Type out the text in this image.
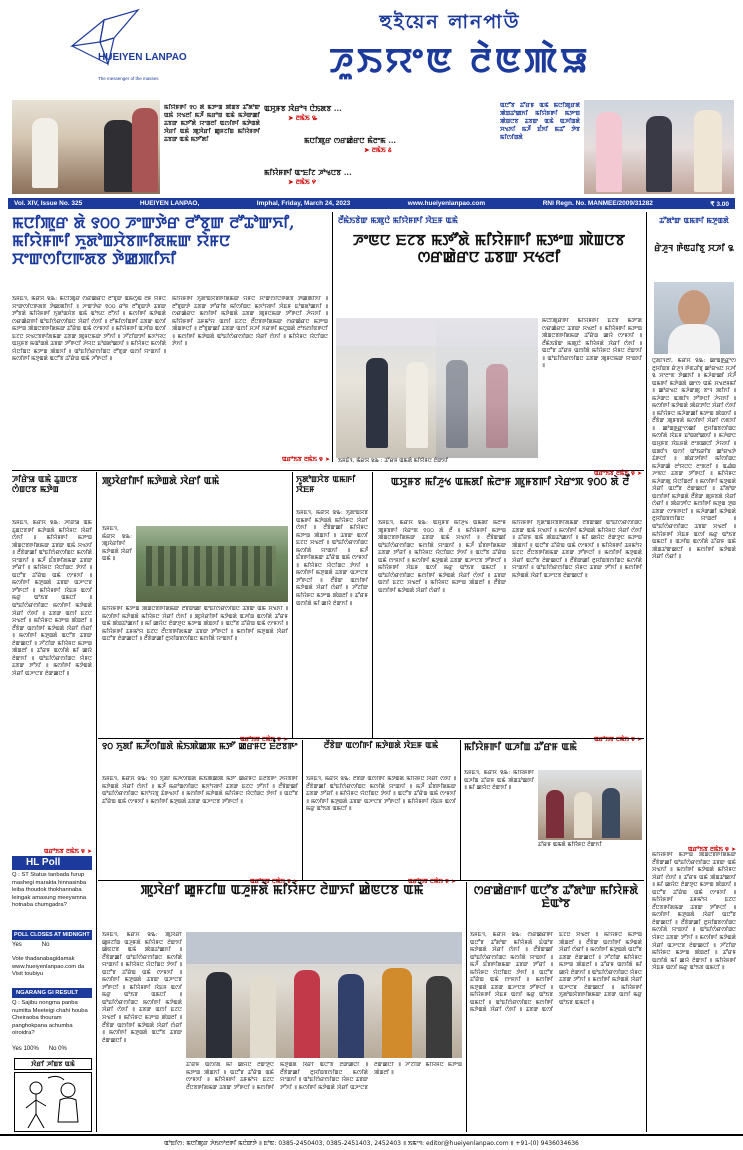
HUEIYEN LANPAO
The messenger of the masses
হুইয়েন লানপাউ
ꯍꯨꯏꯌꯦꯟ ꯂꯥꯟꯄꯥꯎ
ꯃꯤꯌꯥꯝꯒꯤ ꯱꯰ ꯗꯥ ꯃꯇꯦꯡ ꯄꯥꯡꯕ ꯊꯧꯗꯣꯛ ꯑꯃꯥ ꯆꯠꯂꯤ ꯃꯍꯩ ꯃꯔꯣꯡ ꯑꯃꯥ ꯃꯍꯥꯛꯀꯤ ꯊꯕꯛ ꯃꯇꯧꯗꯥ ꯌꯦꯡꯂꯤ ꯑꯁꯤꯒꯤ ꯃꯇꯥꯡꯗꯥ ꯋꯥꯔꯤ ꯑꯃꯥ ꯄꯨꯋꯥꯔꯤ ꯀꯨꯝꯖꯤꯡ ꯃꯤꯌꯥꯝꯒꯤ ꯊꯕꯛ ꯑꯃꯥ ꯃꯇꯧꯗꯤ
ꯑꯆꯨꯝꯕ ꯋꯥꯔꯣꯜ ꯅꯥꯏꯗꯕ ...
➤ ꯂꯃꯥꯏ ꯳
ꯃꯅꯤꯄꯨꯔ ꯁꯔꯀꯥꯔꯅ ꯃꯥꯂꯦꯃ ...
➤ ꯂꯃꯥꯏ ꯴
ꯃꯤꯌꯥꯝꯒꯤ ꯑꯦꯐꯤꯖ ꯍꯣꯠꯅꯕ ...
➤ ꯂꯃꯥꯏ ꯵
ꯑꯅꯧꯕ ꯊꯧꯔꯝ ꯑꯃꯥ ꯃꯅꯤꯄꯨꯔꯗꯥ ꯄꯥꯡꯊꯣꯀꯈꯤ ꯃꯤꯌꯥꯝꯒꯤ ꯃꯇꯦꯡ ꯄꯥꯡꯅꯕ ꯊꯕꯛ ꯑꯃꯥ ꯑꯍꯤꯡꯗꯥ ꯆꯠꯈꯤ ꯃꯍꯩ ꯐꯪꯈꯤ ꯃꯊꯧ ꯇꯥꯕ ꯃꯤꯁꯤꯡꯗꯥ
Vol. XIV, Issue No. 325	HUEIYEN LANPAO,	Imphal, Friday, March 24, 2023	www.hueiyenlanpao.com	RNI Regn. No. MANMEE/2009/31282	₹ 3.00
ꯃꯅꯤꯄꯨꯔ ꯗꯥ ꯱꯰꯰ ꯍꯦꯛꯇꯥꯔ ꯂꯧꯕꯨꯛ ꯂꯧꯊꯣꯛꯈꯤ, ꯃꯤꯌꯥꯝꯒꯤ ꯈꯨꯗꯣꯡꯆꯥꯕꯒꯤꯗꯃꯛ ꯌꯥꯝꯅ ꯆꯦꯛꯁꯤꯅꯒꯗꯕ ꯇꯥꯀꯄꯤꯈꯤ
ꯏꯝꯐꯥꯜ, ꯃꯥꯔꯆ ꯲꯳: ꯃꯅꯤꯄꯨꯔ ꯁꯔꯀꯥꯔꯅ ꯂꯧꯕꯨꯛ ꯑꯃꯁꯨꯡ ꯂꯝ ꯌꯥꯝꯅ ꯆꯦꯛꯁꯤꯅꯒꯗꯕ ꯇꯥꯀꯄꯤꯈꯤ ꯫ ꯍꯦꯛꯇꯥꯔ ꯱꯰꯰ ꯔꯣꯝ ꯂꯧꯕꯨꯛꯇꯥ ꯊꯕꯛ ꯇꯧꯕꯗꯥ ꯃꯤꯌꯥꯝꯒꯤ ꯈꯨꯗꯣꯡꯆꯥꯕ ꯑꯃꯥ ꯑꯣꯏꯅ ꯂꯧꯈꯤ ꯫ ꯃꯁꯤꯒꯤ ꯃꯇꯥꯡꯗꯥ ꯁꯔꯀꯥꯔꯒꯤ ꯑꯣꯐꯤꯁꯥꯔꯁꯤꯡꯅ ꯋꯥꯔꯤ ꯁꯥꯈꯤ ꯫ ꯂꯧꯃꯤꯁꯤꯡꯒꯤ ꯊꯕꯛ ꯑꯁꯤ ꯃꯇꯦꯡ ꯄꯥꯡꯅꯕꯒꯤꯗꯃꯛ ꯊꯧꯔꯥꯡ ꯑꯃꯥ ꯁꯦꯝꯈꯤ ꯫ ꯃꯤꯌꯥꯝꯒꯤ ꯑꯍꯤꯡ ꯑꯁꯤ ꯐꯖꯅ ꯆꯠꯅꯕꯒꯤꯗꯃꯛ ꯊꯕꯛ ꯄꯨꯝꯅꯃꯛ ꯇꯧꯈꯤ ꯫ ꯍꯧꯖꯤꯛꯇꯤ ꯃꯈꯣꯌꯅ ꯑꯆꯨꯝꯕ ꯃꯑꯣꯡꯗꯥ ꯊꯕꯛ ꯇꯧꯒꯅꯤ ꯍꯥꯌꯅ ꯐꯣꯡꯗꯣꯀꯈꯤ ꯫ ꯃꯤꯌꯥꯝꯅ ꯃꯁꯤꯗꯥ ꯌꯥꯅꯤꯡꯅ ꯃꯇꯦꯡ ꯄꯥꯡꯈꯤ ꯫ ꯑꯣꯐꯤꯁꯥꯔꯁꯤꯡꯅ ꯂꯧꯕꯨꯛ ꯑꯁꯤ ꯌꯦꯡꯈꯤ ꯫ ꯃꯁꯤꯒꯤ ꯃꯇꯨꯡꯗꯥ ꯑꯅꯧꯕ ꯊꯧꯔꯥꯡ ꯑꯃꯥ ꯍꯧꯒꯅꯤ ꯫
ꯃꯤꯌꯥꯝꯒꯤ ꯈꯨꯗꯣꯡꯆꯥꯕꯒꯤꯗꯃꯛ ꯌꯥꯝꯅ ꯆꯦꯛꯁꯤꯅꯒꯗꯕ ꯇꯥꯀꯄꯤꯈꯤ ꯫ ꯂꯧꯕꯨꯛꯇꯥ ꯊꯕꯛ ꯇꯧꯔꯤꯕ ꯃꯤꯁꯤꯡꯅ ꯃꯈꯣꯌꯒꯤ ꯋꯥꯐꯝ ꯐꯣꯡꯗꯣꯀꯈꯤ ꯫ ꯁꯔꯀꯥꯔꯅ ꯃꯁꯤꯒꯤ ꯃꯇꯥꯡꯗꯥ ꯊꯕꯛ ꯄꯨꯝꯅꯃꯛ ꯇꯧꯒꯅꯤ ꯍꯥꯌꯈꯤ ꯫ ꯃꯤꯌꯥꯝꯒꯤ ꯊꯝꯃꯣꯌ ꯑꯁꯤ ꯐꯖꯅ ꯂꯩꯅꯕꯒꯤꯗꯃꯛ ꯁꯔꯀꯥꯔꯅ ꯃꯇꯦꯡ ꯄꯥꯡꯒꯅꯤ ꯫ ꯂꯧꯕꯨꯛꯀꯤ ꯊꯕꯛ ꯑꯁꯤ ꯆꯍꯤ ꯈꯔꯒꯤ ꯃꯅꯨꯡꯗꯥ ꯂꯣꯏꯁꯤꯟꯒꯅꯤ ꯫ ꯃꯁꯤꯒꯤ ꯃꯇꯥꯡꯗꯥ ꯑꯣꯐꯤꯁꯥꯔꯁꯤꯡꯅ ꯋꯥꯔꯤ ꯁꯥꯈꯤ ꯫ ꯃꯤꯌꯥꯝꯅ ꯌꯥꯅꯤꯡꯅ ꯇꯥꯈꯤ ꯫
ꯑꯔꯣꯏꯕ ꯂꯃꯥꯏ ꯶ ➤
ꯂꯩꯃꯥꯏꯕꯥꯛ ꯃꯄꯨꯅꯥ ꯃꯤꯌꯥꯝꯒꯤ ꯋꯥꯐꯝ ꯑꯃꯥ
ꯍꯦꯟꯅ ꯐꯖꯕ ꯃꯇꯧꯗꯥ ꯃꯤꯌꯥꯝꯒꯤ ꯃꯇꯦꯡ ꯄꯥꯡꯅꯕ ꯁꯔꯀꯥꯔꯅ ꯊꯕꯛ ꯆꯠꯂꯤ
ꯃꯅꯤꯄꯨꯔꯒꯤ ꯃꯤꯌꯥꯝꯒꯤ ꯐꯖꯕ ꯃꯇꯧꯗꯥ ꯁꯔꯀꯥꯔꯅ ꯊꯕꯛ ꯆꯠꯂꯤ ꯫ ꯃꯤꯌꯥꯝꯒꯤ ꯃꯇꯦꯡ ꯄꯥꯡꯅꯕꯒꯤꯗꯃꯛ ꯊꯧꯔꯥꯡ ꯀꯌꯥ ꯁꯦꯝꯈꯤ ꯫ ꯂꯩꯃꯥꯏꯕꯥꯛ ꯃꯄꯨꯅꯥ ꯃꯤꯌꯥꯝꯗꯥ ꯋꯥꯔꯤ ꯁꯥꯈꯤ ꯫ ꯑꯅꯧꯕ ꯊꯧꯔꯝ ꯑꯁꯤꯗꯥ ꯃꯤꯌꯥꯝꯅ ꯌꯥꯝꯅ ꯂꯥꯛꯈꯤ ꯫ ꯑꯣꯐꯤꯁꯥꯔꯁꯤꯡꯅ ꯊꯕꯛ ꯄꯨꯝꯅꯃꯛ ꯌꯦꯡꯈꯤ ꯫
ꯏꯝꯐꯥꯜ, ꯃꯥꯔꯆ ꯲꯳ : ꯊꯧꯔꯝ ꯑꯃꯗꯥ ꯃꯤꯌꯥꯝꯅ ꯂꯥꯛꯈꯤ
ꯑꯔꯣꯏꯕ ꯂꯃꯥꯏ ꯶ ➤
ꯊꯧꯗꯣꯛ ꯑꯃꯒꯤ ꯃꯇꯨꯡꯗꯥ
ꯔꯥꯍꯨꯜ ꯒꯥꯟꯙꯤꯕꯨ ꯆꯍꯤ ꯲
ꯅꯨꯗꯤꯜꯂꯤ, ꯃꯥꯔꯆ ꯲꯳: ꯀꯣꯡꯒ꯭ꯔꯦꯁ ꯂꯨꯆꯤꯡꯕ ꯔꯥꯍꯨꯜ ꯒꯥꯟꯙꯤꯕꯨ ꯀꯣꯔꯠꯅ ꯆꯍꯤ ꯲ ꯆꯦꯂꯦꯟ ꯇꯥꯀꯈꯤ ꯫ ꯃꯍꯥꯛꯀꯤ ꯋꯥꯍꯩ ꯑꯃꯒꯤ ꯃꯇꯥꯡꯗꯥ ꯀꯦꯁ ꯑꯃꯥ ꯆꯠꯂꯝꯃꯤ ꯫ ꯀꯣꯔꯠꯅ ꯃꯍꯥꯛꯄꯨ ꯕꯦꯜ ꯄꯤꯈꯤ ꯫ ꯃꯍꯥꯛꯅ ꯑꯄꯤꯜ ꯇꯧꯒꯅꯤ ꯍꯥꯌꯈꯤ ꯫ ꯃꯁꯤꯒꯤ ꯃꯇꯥꯡꯗꯥ ꯄꯥꯔꯇꯤꯅ ꯋꯥꯔꯤ ꯁꯥꯈꯤ ꯫ ꯃꯤꯌꯥꯝꯅ ꯃꯍꯥꯛꯀꯤ ꯃꯇꯦꯡ ꯄꯥꯡꯈꯤ ꯫ ꯂꯩꯕꯥꯛ ꯄꯨꯝꯕꯗꯥ ꯃꯁꯤꯒꯤ ꯋꯥꯔꯤ ꯁꯟꯈꯤ ꯫ ꯀꯣꯡꯒ꯭ꯔꯦꯁꯀꯤ ꯂꯨꯆꯤꯡꯕꯁꯤꯡꯅ ꯃꯁꯤꯗꯥ ꯋꯥꯐꯝ ꯐꯣꯡꯗꯣꯀꯈꯤ ꯫ ꯃꯍꯥꯛꯅ ꯑꯆꯨꯝꯕ ꯋꯥꯐꯝꯗꯥ ꯂꯦꯞꯀꯅꯤ ꯍꯥꯌꯈꯤ ꯫ ꯑꯄꯤꯜ ꯑꯁꯤ ꯑꯣꯏꯔꯤꯕ ꯀꯣꯔꯠꯇꯥ ꯊꯥꯒꯅꯤ ꯫ ꯄꯥꯔꯇꯤꯒꯤ ꯃꯤꯁꯤꯡꯅ ꯃꯍꯥꯛꯀꯥ ꯂꯣꯌꯅꯅ ꯂꯦꯞꯂꯤ ꯫ ꯑꯉꯥꯡ ꯍꯦꯟꯅ ꯊꯕꯛ ꯇꯧꯒꯅꯤ ꯫ ꯃꯤꯌꯥꯝꯅ ꯃꯍꯥꯛꯄꯨ ꯌꯥꯅꯤꯡꯂꯤ ꯫ ꯃꯁꯤꯒꯤ ꯃꯇꯨꯡꯗꯥ ꯋꯥꯔꯤ ꯑꯅꯧꯕ ꯂꯥꯛꯀꯅꯤ ꯫ ꯊꯧꯗꯣꯛ ꯑꯁꯤꯒꯤ ꯃꯇꯥꯡꯗꯥ ꯂꯩꯕꯥꯛ ꯄꯨꯝꯕꯗꯥ ꯋꯥꯔꯤ ꯁꯥꯔꯤ ꯫ ꯄꯥꯔꯇꯤꯅ ꯃꯁꯤꯒꯤ ꯃꯇꯨꯡ ꯇꯨꯡ ꯊꯕꯛ ꯁꯦꯝꯒꯅꯤ ꯫ ꯃꯍꯥꯛꯀꯤ ꯃꯇꯥꯡꯗꯥ ꯂꯨꯆꯤꯡꯕꯁꯤꯡꯅ ꯌꯦꯡꯂꯤ ꯫ ꯑꯣꯐꯤꯁꯥꯔꯁꯤꯡꯅ ꯊꯕꯛ ꯆꯠꯂꯤ ꯫ ꯃꯤꯌꯥꯝꯒꯤ ꯋꯥꯐꯝ ꯑꯁꯤ ꯃꯔꯨ ꯑꯣꯏꯕ ꯑꯃꯅꯤ ꯫ ꯑꯍꯤꯡ ꯑꯁꯤꯗꯥ ꯊꯧꯔꯝ ꯑꯃꯥ ꯄꯥꯡꯊꯣꯛꯀꯅꯤ ꯫ ꯃꯁꯤꯒꯤ ꯃꯇꯥꯡꯗꯥ ꯋꯥꯔꯤ ꯁꯥꯔꯤ ꯫
ꯑꯔꯣꯏꯕ ꯂꯃꯥꯏ ꯶ ➤
ꯍꯤꯔꯥꯎ ꯑꯃꯥ ꯊꯨꯡꯅꯕ ꯁꯥꯡꯅꯕ ꯃꯇꯥꯡ
ꯏꯝꯐꯥꯜ, ꯃꯥꯔꯆ ꯲꯳: ꯍꯤꯔꯥꯎ ꯑꯃꯥ ꯊꯨꯡꯅꯕꯒꯤ ꯃꯇꯥꯡꯗꯥ ꯃꯤꯌꯥꯝꯅ ꯋꯥꯔꯤ ꯁꯥꯈꯤ ꯫ ꯃꯤꯌꯥꯝꯒꯤ ꯃꯇꯦꯡ ꯄꯥꯡꯅꯕꯒꯤꯗꯃꯛ ꯊꯕꯛ ꯑꯃꯥ ꯆꯠꯈꯤ ꯫ ꯂꯩꯕꯥꯛꯀꯤ ꯑꯣꯐꯤꯁꯥꯔꯁꯤꯡꯅ ꯃꯁꯤꯗꯥ ꯌꯦꯡꯈꯤ ꯫ ꯃꯍꯩ ꯐꯪꯕꯒꯤꯗꯃꯛ ꯊꯕꯛ ꯇꯧꯔꯤ ꯫ ꯃꯤꯌꯥꯝꯅ ꯌꯥꯅꯤꯡꯅ ꯇꯥꯈꯤ ꯫ ꯑꯅꯧꯕ ꯊꯧꯔꯥꯡ ꯑꯃꯥ ꯁꯦꯝꯈꯤ ꯫ ꯃꯁꯤꯒꯤ ꯃꯇꯨꯡꯗꯥ ꯊꯕꯛ ꯑꯍꯦꯅꯕ ꯇꯧꯒꯅꯤ ꯫ ꯃꯤꯌꯥꯝꯒꯤ ꯋꯥꯐꯝ ꯑꯁꯤ ꯃꯔꯨ ꯑꯣꯏꯕ ꯑꯃꯅꯤ ꯫ ꯑꯣꯐꯤꯁꯥꯔꯁꯤꯡꯅ ꯃꯁꯤꯒꯤ ꯃꯇꯥꯡꯗꯥ ꯋꯥꯔꯤ ꯁꯥꯈꯤ ꯫ ꯊꯕꯛ ꯑꯁꯤ ꯐꯖꯅ ꯆꯠꯂꯤ ꯫ ꯃꯤꯌꯥꯝꯅ ꯃꯇꯦꯡ ꯄꯥꯡꯂꯤ ꯫ ꯂꯩꯕꯥꯛ ꯑꯁꯤꯒꯤ ꯃꯇꯥꯡꯗꯥ ꯋꯥꯔꯤ ꯁꯥꯔꯤ ꯫ ꯃꯁꯤꯒꯤ ꯃꯇꯨꯡꯗꯥ ꯑꯅꯧꯕ ꯊꯕꯛ ꯂꯥꯛꯀꯅꯤ ꯫ ꯍꯧꯖꯤꯛ ꯃꯤꯌꯥꯝꯅ ꯃꯇꯦꯡ ꯄꯥꯡꯂꯤ ꯫ ꯊꯧꯔꯝ ꯑꯁꯤꯗꯥ ꯃꯤ ꯀꯌꯥ ꯂꯥꯛꯈꯤ ꯫ ꯑꯣꯐꯤꯁꯥꯔꯁꯤꯡꯅ ꯌꯥꯝꯅ ꯊꯕꯛ ꯇꯧꯈꯤ ꯫ ꯃꯁꯤꯒꯤ ꯃꯇꯥꯡꯗꯥ ꯋꯥꯔꯤ ꯑꯍꯦꯅꯕ ꯂꯥꯛꯀꯅꯤ ꯫
ꯑꯔꯣꯏꯕ ꯂꯃꯥꯏ ꯶ ➤
ꯄꯨꯋꯥꯔꯤꯒꯤ ꯃꯇꯥꯡꯗꯥ ꯋꯥꯔꯤ ꯑꯃꯥ
ꯏꯝꯐꯥꯜ, ꯃꯥꯔꯆ ꯲꯳: ꯄꯨꯋꯥꯔꯤꯒꯤ ꯃꯇꯥꯡꯗꯥ ꯋꯥꯔꯤ ꯑꯃꯥ ꯫
ꯃꯤꯌꯥꯝꯒꯤ ꯃꯇꯦꯡ ꯄꯥꯡꯅꯕꯒꯤꯗꯃꯛ ꯂꯩꯕꯥꯛꯀꯤ ꯑꯣꯐꯤꯁꯥꯔꯁꯤꯡꯅ ꯊꯕꯛ ꯑꯃꯥ ꯆꯠꯈꯤ ꯫ ꯃꯁꯤꯒꯤ ꯃꯇꯥꯡꯗꯥ ꯃꯤꯌꯥꯝꯅ ꯋꯥꯔꯤ ꯁꯥꯈꯤ ꯫ ꯄꯨꯋꯥꯔꯤꯒꯤ ꯃꯇꯥꯡꯗꯥ ꯑꯍꯤꯡ ꯑꯁꯤꯗꯥ ꯊꯧꯔꯝ ꯑꯃꯥ ꯄꯥꯡꯊꯣꯀꯈꯤ ꯫ ꯃꯤ ꯀꯌꯥꯅ ꯂꯥꯛꯇꯨꯅ ꯃꯇꯦꯡ ꯄꯥꯡꯈꯤ ꯫ ꯑꯅꯧꯕ ꯊꯧꯔꯥꯡ ꯑꯃꯥ ꯁꯦꯝꯈꯤ ꯫ ꯃꯤꯌꯥꯝꯒꯤ ꯊꯝꯃꯣꯌ ꯐꯖꯅ ꯂꯩꯅꯕꯒꯤꯗꯃꯛ ꯊꯕꯛ ꯇꯧꯒꯅꯤ ꯫ ꯃꯁꯤꯒꯤ ꯃꯇꯨꯡꯗꯥ ꯋꯥꯔꯤ ꯑꯅꯧꯕ ꯂꯥꯛꯀꯅꯤ ꯫ ꯂꯩꯕꯥꯛꯀꯤ ꯂꯨꯆꯤꯡꯕꯁꯤꯡꯅ ꯃꯁꯤꯗꯥ ꯌꯦꯡꯈꯤ ꯫
ꯑꯔꯣꯏꯕ ꯂꯃꯥꯏ ꯶ ➤
ꯈꯨꯗꯣꯡꯆꯥꯕ ꯑꯃꯒꯤ ꯋꯥꯐꯝ
ꯏꯝꯐꯥꯜ, ꯃꯥꯔꯆ ꯲꯳: ꯈꯨꯗꯣꯡꯆꯥꯕ ꯑꯃꯒꯤ ꯃꯇꯥꯡꯗꯥ ꯃꯤꯌꯥꯝꯅ ꯋꯥꯔꯤ ꯁꯥꯈꯤ ꯫ ꯂꯩꯕꯥꯛꯀꯤ ꯃꯤꯌꯥꯝꯅ ꯃꯇꯦꯡ ꯄꯥꯡꯈꯤ ꯫ ꯊꯕꯛ ꯑꯁꯤ ꯐꯖꯅ ꯆꯠꯂꯤ ꯫ ꯑꯣꯐꯤꯁꯥꯔꯁꯤꯡꯅ ꯃꯁꯤꯗꯥ ꯌꯦꯡꯈꯤ ꯫ ꯃꯍꯩ ꯐꯪꯕꯒꯤꯗꯃꯛ ꯊꯧꯔꯥꯡ ꯑꯃꯥ ꯁꯦꯝꯈꯤ ꯫ ꯃꯤꯌꯥꯝꯅ ꯌꯥꯅꯤꯡꯅ ꯇꯥꯈꯤ ꯫ ꯃꯁꯤꯒꯤ ꯃꯇꯨꯡꯗꯥ ꯊꯕꯛ ꯑꯍꯦꯅꯕ ꯇꯧꯒꯅꯤ ꯫ ꯂꯩꯕꯥꯛ ꯑꯁꯤꯒꯤ ꯃꯇꯥꯡꯗꯥ ꯋꯥꯔꯤ ꯁꯥꯔꯤ ꯫ ꯍꯧꯖꯤꯛ ꯃꯤꯌꯥꯝꯅ ꯃꯇꯦꯡ ꯄꯥꯡꯂꯤ ꯫ ꯊꯧꯔꯝ ꯑꯁꯤꯗꯥ ꯃꯤ ꯀꯌꯥ ꯂꯥꯛꯈꯤ ꯫
ꯑꯆꯨꯝꯕ ꯃꯤꯍꯨꯠ ꯑꯃꯗꯤ ꯃꯥꯂꯦꯝ ꯄꯨꯝꯕꯒꯤ ꯋꯥꯔꯦꯞ ꯱꯰꯰ ꯗꯥ ꯂꯩ
ꯏꯝꯐꯥꯜ, ꯃꯥꯔꯆ ꯲꯳: ꯑꯆꯨꯝꯕ ꯃꯤꯍꯨꯠ ꯑꯃꯗꯤ ꯃꯥꯂꯦꯝ ꯄꯨꯝꯕꯒꯤ ꯋꯥꯔꯦꯞ ꯱꯰꯰ ꯗꯥ ꯂꯩ ꯫ ꯃꯤꯌꯥꯝꯒꯤ ꯃꯇꯦꯡ ꯄꯥꯡꯅꯕꯒꯤꯗꯃꯛ ꯊꯕꯛ ꯑꯃꯥ ꯆꯠꯈꯤ ꯫ ꯂꯩꯕꯥꯛꯀꯤ ꯑꯣꯐꯤꯁꯥꯔꯁꯤꯡꯅ ꯃꯁꯤꯗꯥ ꯌꯦꯡꯈꯤ ꯫ ꯃꯍꯩ ꯐꯪꯕꯒꯤꯗꯃꯛ ꯊꯕꯛ ꯇꯧꯔꯤ ꯫ ꯃꯤꯌꯥꯝꯅ ꯌꯥꯅꯤꯡꯅ ꯇꯥꯈꯤ ꯫ ꯑꯅꯧꯕ ꯊꯧꯔꯥꯡ ꯑꯃꯥ ꯁꯦꯝꯈꯤ ꯫ ꯃꯁꯤꯒꯤ ꯃꯇꯨꯡꯗꯥ ꯊꯕꯛ ꯑꯍꯦꯅꯕ ꯇꯧꯒꯅꯤ ꯫ ꯃꯤꯌꯥꯝꯒꯤ ꯋꯥꯐꯝ ꯑꯁꯤ ꯃꯔꯨ ꯑꯣꯏꯕ ꯑꯃꯅꯤ ꯫ ꯑꯣꯐꯤꯁꯥꯔꯁꯤꯡꯅ ꯃꯁꯤꯒꯤ ꯃꯇꯥꯡꯗꯥ ꯋꯥꯔꯤ ꯁꯥꯈꯤ ꯫ ꯊꯕꯛ ꯑꯁꯤ ꯐꯖꯅ ꯆꯠꯂꯤ ꯫ ꯃꯤꯌꯥꯝꯅ ꯃꯇꯦꯡ ꯄꯥꯡꯂꯤ ꯫ ꯂꯩꯕꯥꯛ ꯑꯁꯤꯒꯤ ꯃꯇꯥꯡꯗꯥ ꯋꯥꯔꯤ ꯁꯥꯔꯤ ꯫
ꯃꯤꯌꯥꯝꯒꯤ ꯈꯨꯗꯣꯡꯆꯥꯕꯒꯤꯗꯃꯛ ꯂꯩꯕꯥꯛꯀꯤ ꯑꯣꯐꯤꯁꯥꯔꯁꯤꯡꯅ ꯊꯕꯛ ꯑꯃꯥ ꯆꯠꯈꯤ ꯫ ꯃꯁꯤꯒꯤ ꯃꯇꯥꯡꯗꯥ ꯃꯤꯌꯥꯝꯅ ꯋꯥꯔꯤ ꯁꯥꯈꯤ ꯫ ꯊꯧꯔꯝ ꯑꯃꯥ ꯄꯥꯡꯊꯣꯀꯈꯤ ꯫ ꯃꯤ ꯀꯌꯥꯅ ꯂꯥꯛꯇꯨꯅ ꯃꯇꯦꯡ ꯄꯥꯡꯈꯤ ꯫ ꯑꯅꯧꯕ ꯊꯧꯔꯥꯡ ꯑꯃꯥ ꯁꯦꯝꯈꯤ ꯫ ꯃꯤꯌꯥꯝꯒꯤ ꯊꯝꯃꯣꯌ ꯐꯖꯅ ꯂꯩꯅꯕꯒꯤꯗꯃꯛ ꯊꯕꯛ ꯇꯧꯒꯅꯤ ꯫ ꯃꯁꯤꯒꯤ ꯃꯇꯨꯡꯗꯥ ꯋꯥꯔꯤ ꯑꯅꯧꯕ ꯂꯥꯛꯀꯅꯤ ꯫ ꯂꯩꯕꯥꯛꯀꯤ ꯂꯨꯆꯤꯡꯕꯁꯤꯡꯅ ꯃꯁꯤꯗꯥ ꯌꯦꯡꯈꯤ ꯫ ꯑꯣꯐꯤꯁꯥꯔꯁꯤꯡꯅ ꯌꯥꯝꯅ ꯊꯕꯛ ꯇꯧꯈꯤ ꯫ ꯃꯁꯤꯒꯤ ꯃꯇꯥꯡꯗꯥ ꯋꯥꯔꯤ ꯑꯍꯦꯅꯕ ꯂꯥꯛꯀꯅꯤ ꯫
ꯑꯔꯣꯏꯕ ꯂꯃꯥꯏ ꯶ ➤
꯱꯰ ꯈꯨꯗꯤ ꯃꯍꯩꯁꯤꯡꯗꯥ ꯃꯥꯏꯄꯥꯀꯄ ꯃꯇꯧ ꯀꯔꯝꯅ ꯐꯪꯂꯕꯒꯦ
ꯏꯝꯐꯥꯜ, ꯃꯥꯔꯆ ꯲꯳: ꯱꯰ ꯈꯨꯗꯤ ꯃꯍꯩꯁꯤꯡꯗꯥ ꯃꯥꯏꯄꯥꯀꯄ ꯃꯇꯧ ꯀꯔꯝꯅ ꯐꯪꯂꯕꯒꯦ ꯍꯥꯌꯕꯒꯤ ꯃꯇꯥꯡꯗꯥ ꯋꯥꯔꯤ ꯁꯥꯈꯤ ꯫ ꯃꯍꯩ ꯃꯔꯣꯡꯁꯤꯡꯅ ꯃꯈꯣꯌꯒꯤ ꯊꯕꯛ ꯐꯖꯅ ꯇꯧꯈꯤ ꯫ ꯂꯩꯕꯥꯛꯀꯤ ꯑꯣꯐꯤꯁꯥꯔꯁꯤꯡꯅ ꯃꯈꯣꯌꯕꯨ ꯊꯥꯒꯠꯈꯤ ꯫ ꯃꯁꯤꯒꯤ ꯃꯇꯥꯡꯗꯥ ꯃꯤꯌꯥꯝꯅ ꯌꯥꯅꯤꯡꯅ ꯇꯥꯈꯤ ꯫ ꯑꯅꯧꯕ ꯊꯧꯔꯥꯡ ꯑꯃꯥ ꯁꯦꯝꯈꯤ ꯫ ꯃꯁꯤꯒꯤ ꯃꯇꯨꯡꯗꯥ ꯊꯕꯛ ꯑꯍꯦꯅꯕ ꯇꯧꯒꯅꯤ ꯫
ꯑꯔꯣꯏꯕ ꯂꯃꯥꯏ ꯶ ➤
ꯂꯩꯕꯥꯛ ꯑꯁꯤꯒꯤ ꯃꯇꯥꯡꯗꯥ ꯋꯥꯐꯝ ꯑꯃꯥ
ꯏꯝꯐꯥꯜ, ꯃꯥꯔꯆ ꯲꯳: ꯂꯩꯕꯥꯛ ꯑꯁꯤꯒꯤ ꯃꯇꯥꯡꯗꯥ ꯃꯤꯌꯥꯝꯅ ꯋꯥꯔꯤ ꯁꯥꯈꯤ ꯫ ꯂꯩꯕꯥꯛꯀꯤ ꯑꯣꯐꯤꯁꯥꯔꯁꯤꯡꯅ ꯃꯁꯤꯗꯥ ꯌꯦꯡꯈꯤ ꯫ ꯃꯍꯩ ꯐꯪꯕꯒꯤꯗꯃꯛ ꯊꯕꯛ ꯇꯧꯔꯤ ꯫ ꯃꯤꯌꯥꯝꯅ ꯌꯥꯅꯤꯡꯅ ꯇꯥꯈꯤ ꯫ ꯑꯅꯧꯕ ꯊꯧꯔꯥꯡ ꯑꯃꯥ ꯁꯦꯝꯈꯤ ꯫ ꯃꯁꯤꯒꯤ ꯃꯇꯨꯡꯗꯥ ꯊꯕꯛ ꯑꯍꯦꯅꯕ ꯇꯧꯒꯅꯤ ꯫ ꯃꯤꯌꯥꯝꯒꯤ ꯋꯥꯐꯝ ꯑꯁꯤ ꯃꯔꯨ ꯑꯣꯏꯕ ꯑꯃꯅꯤ ꯫
ꯑꯔꯣꯏꯕ ꯂꯃꯥꯏ ꯶ ➤
ꯃꯤꯌꯥꯝꯒꯤ ꯑꯍꯤꯡ ꯊꯧꯔꯝ ꯑꯃꯥ
ꯏꯝꯐꯥꯜ, ꯃꯥꯔꯆ ꯲꯳: ꯃꯤꯌꯥꯝꯒꯤ ꯑꯍꯤꯡ ꯊꯧꯔꯝ ꯑꯃꯥ ꯄꯥꯡꯊꯣꯀꯈꯤ ꯫ ꯃꯤ ꯀꯌꯥꯅ ꯂꯥꯛꯈꯤ ꯫
ꯊꯧꯔꯝ ꯑꯃꯗꯥ ꯃꯤꯌꯥꯝꯅ ꯂꯥꯛꯈꯤ
HL Poll
Q : ST Status tanbada furup mashegi marakta hinnasinba leiba thoudok thokhannaba leingak amasung meeyamna hotnaba chumgadra?
POLL CLOSES AT MIDNIGHT
Yes	No
Vote thadanabagidamak www.hueiyenlanpao.com da Visit toubiyu
NGARANG GI RESULT
Q : Sajibu nongma panba numitta Meeteigi chahi houba Cheiraoba thouram panghokpana achumba oiroidra?
Yes 100% No 0%
ꯋꯥꯔꯤ ꯍꯤꯡꯕ ꯑꯃꯥ
ꯄꯨꯋꯥꯔꯤ ꯀꯨꯝꯖꯤꯡ ꯑꯍꯨꯝꯗꯥ ꯃꯤꯌꯥꯝꯅ ꯂꯥꯛꯈꯤ ꯀꯥꯟꯅꯕ ꯑꯃꯥ
ꯏꯝꯐꯥꯜ, ꯃꯥꯔꯆ ꯲꯳: ꯄꯨꯋꯥꯔꯤ ꯀꯨꯝꯖꯤꯡ ꯑꯍꯨꯝꯗꯥ ꯃꯤꯌꯥꯝꯅ ꯂꯥꯛꯈꯤ ꯀꯥꯟꯅꯕ ꯑꯃꯥ ꯄꯥꯡꯊꯣꯀꯈꯤ ꯫ ꯂꯩꯕꯥꯛꯀꯤ ꯑꯣꯐꯤꯁꯥꯔꯁꯤꯡꯅ ꯃꯁꯤꯗꯥ ꯌꯦꯡꯈꯤ ꯫ ꯃꯤꯌꯥꯝꯅ ꯌꯥꯅꯤꯡꯅ ꯇꯥꯈꯤ ꯫ ꯑꯅꯧꯕ ꯊꯧꯔꯥꯡ ꯑꯃꯥ ꯁꯦꯝꯈꯤ ꯫ ꯃꯁꯤꯒꯤ ꯃꯇꯨꯡꯗꯥ ꯊꯕꯛ ꯑꯍꯦꯅꯕ ꯇꯧꯒꯅꯤ ꯫ ꯃꯤꯌꯥꯝꯒꯤ ꯋꯥꯐꯝ ꯑꯁꯤ ꯃꯔꯨ ꯑꯣꯏꯕ ꯑꯃꯅꯤ ꯫ ꯑꯣꯐꯤꯁꯥꯔꯁꯤꯡꯅ ꯃꯁꯤꯒꯤ ꯃꯇꯥꯡꯗꯥ ꯋꯥꯔꯤ ꯁꯥꯈꯤ ꯫ ꯊꯕꯛ ꯑꯁꯤ ꯐꯖꯅ ꯆꯠꯂꯤ ꯫ ꯃꯤꯌꯥꯝꯅ ꯃꯇꯦꯡ ꯄꯥꯡꯂꯤ ꯫ ꯂꯩꯕꯥꯛ ꯑꯁꯤꯒꯤ ꯃꯇꯥꯡꯗꯥ ꯋꯥꯔꯤ ꯁꯥꯔꯤ ꯫ ꯃꯁꯤꯒꯤ ꯃꯇꯨꯡꯗꯥ ꯑꯅꯧꯕ ꯊꯕꯛ ꯂꯥꯛꯀꯅꯤ ꯫
ꯊꯧꯔꯝ ꯑꯁꯤꯗꯥ ꯃꯤ ꯀꯌꯥꯅ ꯂꯥꯛꯇꯨꯅ ꯃꯇꯦꯡ ꯄꯥꯡꯈꯤ ꯫ ꯑꯅꯧꯕ ꯊꯧꯔꯥꯡ ꯑꯃꯥ ꯁꯦꯝꯈꯤ ꯫ ꯃꯤꯌꯥꯝꯒꯤ ꯊꯝꯃꯣꯌ ꯐꯖꯅ ꯂꯩꯅꯕꯒꯤꯗꯃꯛ ꯊꯕꯛ ꯇꯧꯒꯅꯤ ꯫ ꯃꯁꯤꯒꯤ ꯃꯇꯨꯡꯗꯥ ꯋꯥꯔꯤ ꯑꯅꯧꯕ ꯂꯥꯛꯀꯅꯤ ꯫ ꯂꯩꯕꯥꯛꯀꯤ ꯂꯨꯆꯤꯡꯕꯁꯤꯡꯅ ꯃꯁꯤꯗꯥ ꯌꯦꯡꯈꯤ ꯫ ꯑꯣꯐꯤꯁꯥꯔꯁꯤꯡꯅ ꯌꯥꯝꯅ ꯊꯕꯛ ꯇꯧꯈꯤ ꯫ ꯃꯁꯤꯒꯤ ꯃꯇꯥꯡꯗꯥ ꯋꯥꯔꯤ ꯑꯍꯦꯅꯕ ꯂꯥꯛꯀꯅꯤ ꯫ ꯍꯧꯖꯤꯛ ꯃꯤꯌꯥꯝꯅ ꯃꯇꯦꯡ ꯄꯥꯡꯂꯤ ꯫
ꯁꯔꯀꯥꯔꯒꯤ ꯑꯅꯧꯕ ꯊꯧꯗꯣꯛ ꯃꯤꯌꯥꯝꯗꯥ ꯐꯥꯑꯣꯕ
ꯏꯝꯐꯥꯜ, ꯃꯥꯔꯆ ꯲꯳: ꯁꯔꯀꯥꯔꯒꯤ ꯑꯅꯧꯕ ꯊꯧꯗꯣꯛ ꯃꯤꯌꯥꯝꯗꯥ ꯐꯥꯑꯣꯕ ꯃꯇꯥꯡꯗꯥ ꯋꯥꯔꯤ ꯁꯥꯈꯤ ꯫ ꯂꯩꯕꯥꯛꯀꯤ ꯑꯣꯐꯤꯁꯥꯔꯁꯤꯡꯅ ꯃꯁꯤꯗꯥ ꯌꯦꯡꯈꯤ ꯫ ꯃꯍꯩ ꯐꯪꯕꯒꯤꯗꯃꯛ ꯊꯕꯛ ꯇꯧꯔꯤ ꯫ ꯃꯤꯌꯥꯝꯅ ꯌꯥꯅꯤꯡꯅ ꯇꯥꯈꯤ ꯫ ꯑꯅꯧꯕ ꯊꯧꯔꯥꯡ ꯑꯃꯥ ꯁꯦꯝꯈꯤ ꯫ ꯃꯁꯤꯒꯤ ꯃꯇꯨꯡꯗꯥ ꯊꯕꯛ ꯑꯍꯦꯅꯕ ꯇꯧꯒꯅꯤ ꯫ ꯃꯤꯌꯥꯝꯒꯤ ꯋꯥꯐꯝ ꯑꯁꯤ ꯃꯔꯨ ꯑꯣꯏꯕ ꯑꯃꯅꯤ ꯫ ꯑꯣꯐꯤꯁꯥꯔꯁꯤꯡꯅ ꯃꯁꯤꯒꯤ ꯃꯇꯥꯡꯗꯥ ꯋꯥꯔꯤ ꯁꯥꯈꯤ ꯫ ꯊꯕꯛ ꯑꯁꯤ ꯐꯖꯅ ꯆꯠꯂꯤ ꯫ ꯃꯤꯌꯥꯝꯅ ꯃꯇꯦꯡ ꯄꯥꯡꯂꯤ ꯫ ꯂꯩꯕꯥꯛ ꯑꯁꯤꯒꯤ ꯃꯇꯥꯡꯗꯥ ꯋꯥꯔꯤ ꯁꯥꯔꯤ ꯫ ꯃꯁꯤꯒꯤ ꯃꯇꯨꯡꯗꯥ ꯑꯅꯧꯕ ꯊꯕꯛ ꯂꯥꯛꯀꯅꯤ ꯫ ꯍꯧꯖꯤꯛ ꯃꯤꯌꯥꯝꯅ ꯃꯇꯦꯡ ꯄꯥꯡꯂꯤ ꯫ ꯊꯧꯔꯝ ꯑꯁꯤꯗꯥ ꯃꯤ ꯀꯌꯥ ꯂꯥꯛꯈꯤ ꯫ ꯑꯣꯐꯤꯁꯥꯔꯁꯤꯡꯅ ꯌꯥꯝꯅ ꯊꯕꯛ ꯇꯧꯈꯤ ꯫ ꯃꯁꯤꯒꯤ ꯃꯇꯥꯡꯗꯥ ꯋꯥꯔꯤ ꯑꯍꯦꯅꯕ ꯂꯥꯛꯀꯅꯤ ꯫ ꯃꯤꯌꯥꯝꯒꯤ ꯈꯨꯗꯣꯡꯆꯥꯕꯒꯤꯗꯃꯛ ꯊꯕꯛ ꯑꯁꯤ ꯃꯔꯨ ꯑꯣꯏꯕ ꯑꯃꯅꯤ ꯫
ꯃꯤꯌꯥꯝꯒꯤ ꯃꯇꯦꯡ ꯄꯥꯡꯅꯕꯒꯤꯗꯃꯛ ꯂꯩꯕꯥꯛꯀꯤ ꯑꯣꯐꯤꯁꯥꯔꯁꯤꯡꯅ ꯊꯕꯛ ꯑꯃꯥ ꯆꯠꯈꯤ ꯫ ꯃꯁꯤꯒꯤ ꯃꯇꯥꯡꯗꯥ ꯃꯤꯌꯥꯝꯅ ꯋꯥꯔꯤ ꯁꯥꯈꯤ ꯫ ꯊꯧꯔꯝ ꯑꯃꯥ ꯄꯥꯡꯊꯣꯀꯈꯤ ꯫ ꯃꯤ ꯀꯌꯥꯅ ꯂꯥꯛꯇꯨꯅ ꯃꯇꯦꯡ ꯄꯥꯡꯈꯤ ꯫ ꯑꯅꯧꯕ ꯊꯧꯔꯥꯡ ꯑꯃꯥ ꯁꯦꯝꯈꯤ ꯫ ꯃꯤꯌꯥꯝꯒꯤ ꯊꯝꯃꯣꯌ ꯐꯖꯅ ꯂꯩꯅꯕꯒꯤꯗꯃꯛ ꯊꯕꯛ ꯇꯧꯒꯅꯤ ꯫ ꯃꯁꯤꯒꯤ ꯃꯇꯨꯡꯗꯥ ꯋꯥꯔꯤ ꯑꯅꯧꯕ ꯂꯥꯛꯀꯅꯤ ꯫ ꯂꯩꯕꯥꯛꯀꯤ ꯂꯨꯆꯤꯡꯕꯁꯤꯡꯅ ꯃꯁꯤꯗꯥ ꯌꯦꯡꯈꯤ ꯫ ꯑꯣꯐꯤꯁꯥꯔꯁꯤꯡꯅ ꯌꯥꯝꯅ ꯊꯕꯛ ꯇꯧꯈꯤ ꯫ ꯃꯁꯤꯒꯤ ꯃꯇꯥꯡꯗꯥ ꯋꯥꯔꯤ ꯑꯍꯦꯅꯕ ꯂꯥꯛꯀꯅꯤ ꯫ ꯍꯧꯖꯤꯛ ꯃꯤꯌꯥꯝꯅ ꯃꯇꯦꯡ ꯄꯥꯡꯂꯤ ꯫ ꯊꯧꯔꯝ ꯑꯁꯤꯗꯥ ꯃꯤ ꯀꯌꯥ ꯂꯥꯛꯈꯤ ꯫ ꯃꯤꯌꯥꯝꯒꯤ ꯋꯥꯐꯝ ꯑꯁꯤ ꯃꯔꯨ ꯑꯣꯏꯕ ꯑꯃꯅꯤ ꯫
ꯑꯣꯐꯤꯁ: ꯃꯅꯤꯄꯨꯔ ꯍꯥꯏꯁꯣꯂꯒꯤ ꯃꯅꯥꯛꯇꯥ ꯫ ꯐꯣꯟ: 0385-2450403, 0385-2451403, 2452403 ꯫ ꯏꯃꯦꯜ: editor@hueiyenlanpao.com ꯫ +91-(0) 9436034636
